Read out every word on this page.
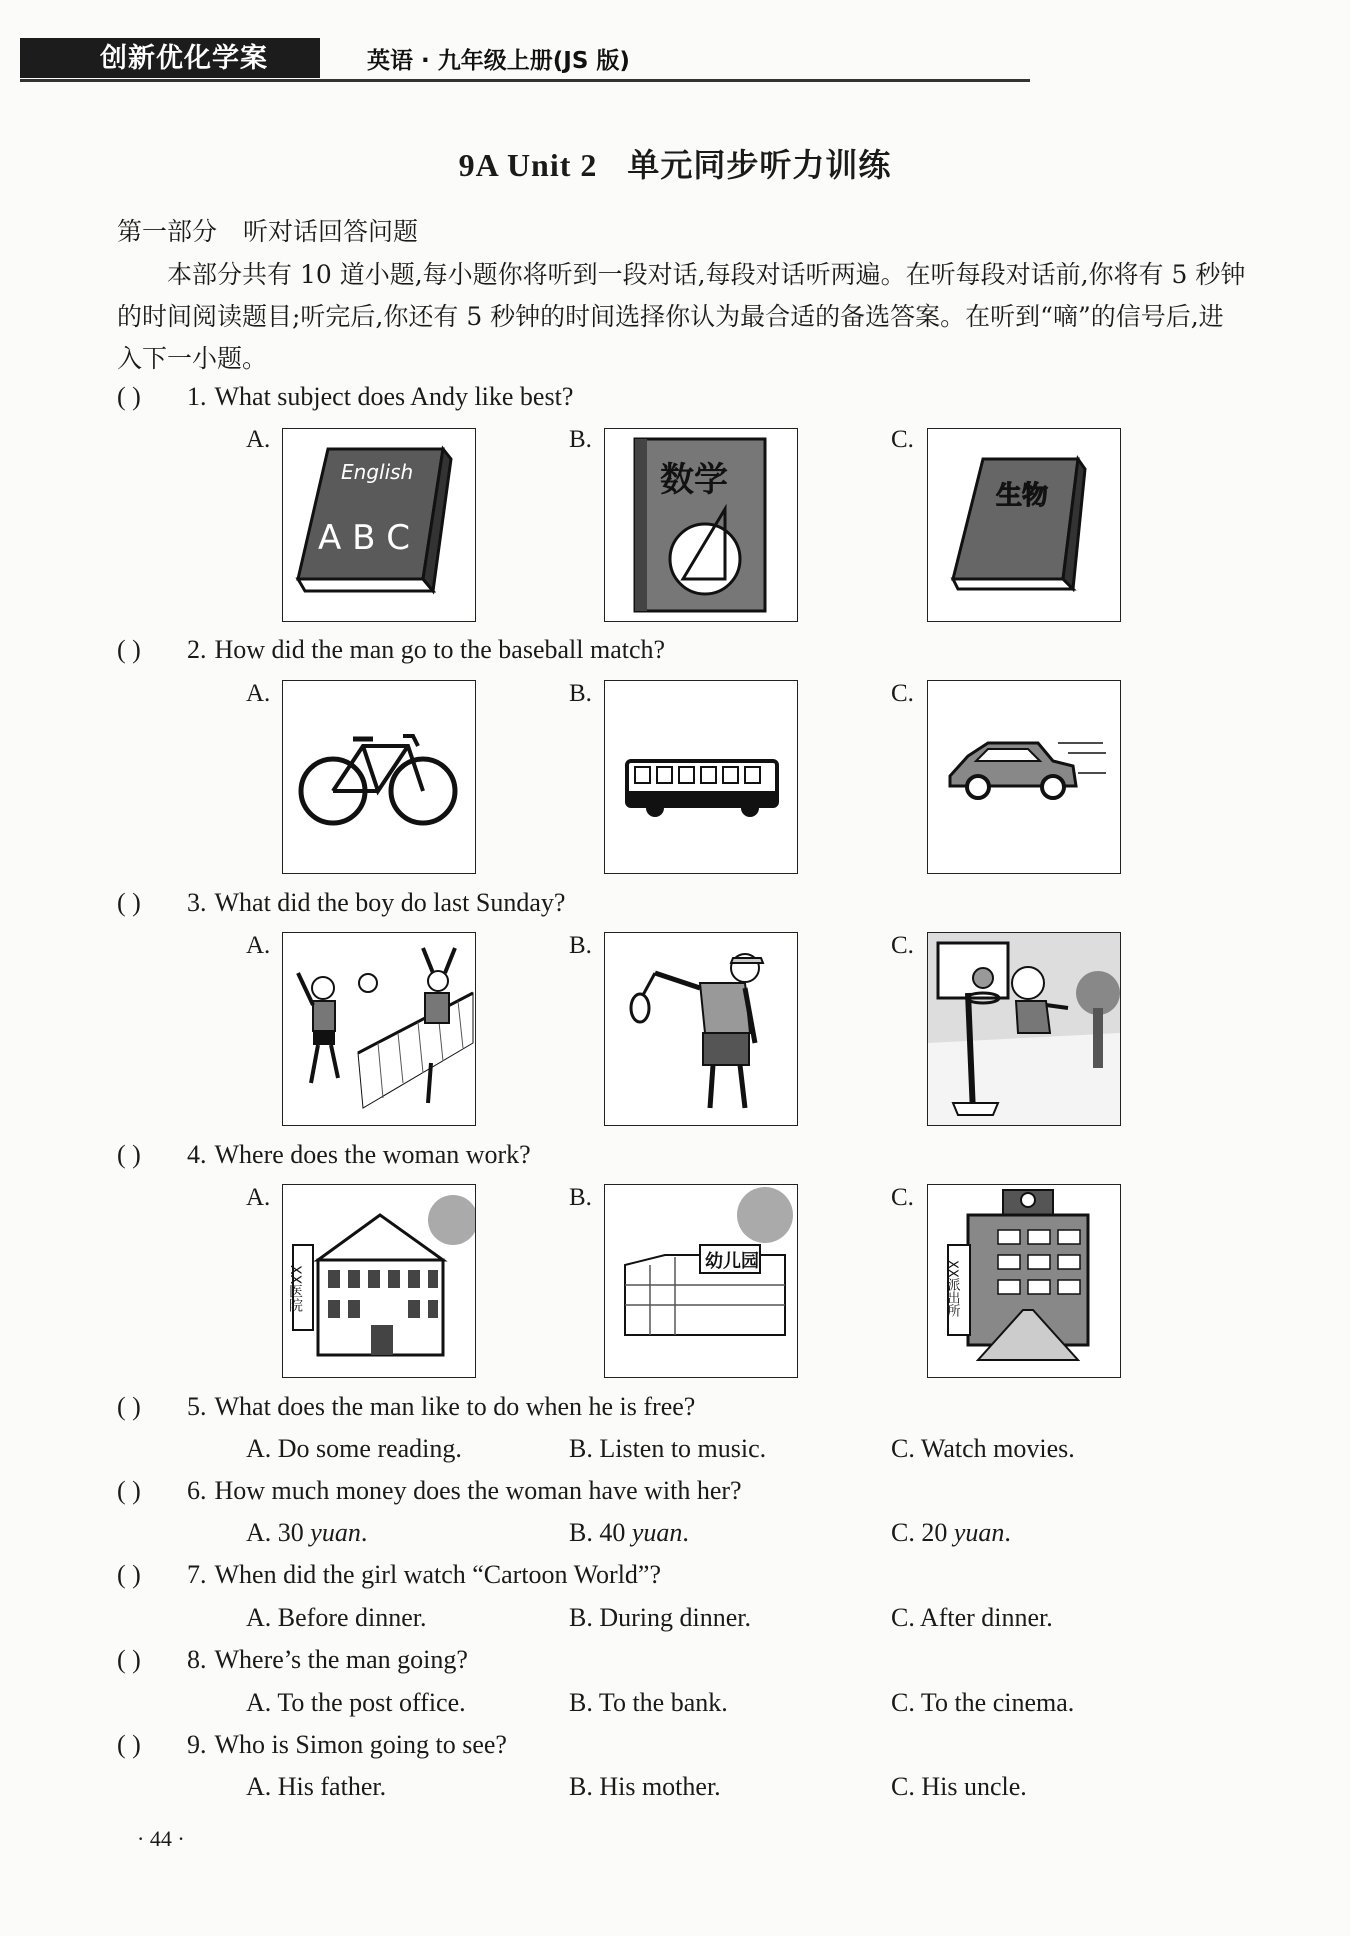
创新优化学案	英语 · 九年级上册(JS 版)
9A Unit 2 单元同步听力训练
第一部分 听对话回答问题
本部分共有 10 道小题,每小题你将听到一段对话,每段对话听两遍。在听每段对话前,你将有 5 秒钟的时间阅读题目;听完后,你还有 5 秒钟的时间选择你认为最合适的备选答案。在听到“嘀”的信号后,进入下一小题。
( ) 1. What subject does Andy like best?
A.
English
A B C
B.
数学
C.
生物
( ) 2. How did the man go to the baseball match?
A.	B.	C.
( ) 3. What did the boy do last Sunday?
A.	B.	C.
( ) 4. Where does the woman work?
A.
XX医院
B.
幼儿园
C.
XX派出所
( ) 5. What does the man like to do when he is free?
A. Do some reading.	B. Listen to music.	C. Watch movies.
( ) 6. How much money does the woman have with her?
A. 30 yuan.	B. 40 yuan.	C. 20 yuan.
( ) 7. When did the girl watch “Cartoon World”?
A. Before dinner.	B. During dinner.	C. After dinner.
( ) 8. Where’s the man going?
A. To the post office.	B. To the bank.	C. To the cinema.
( ) 9. Who is Simon going to see?
A. His father.	B. His mother.	C. His uncle.
· 44 ·
